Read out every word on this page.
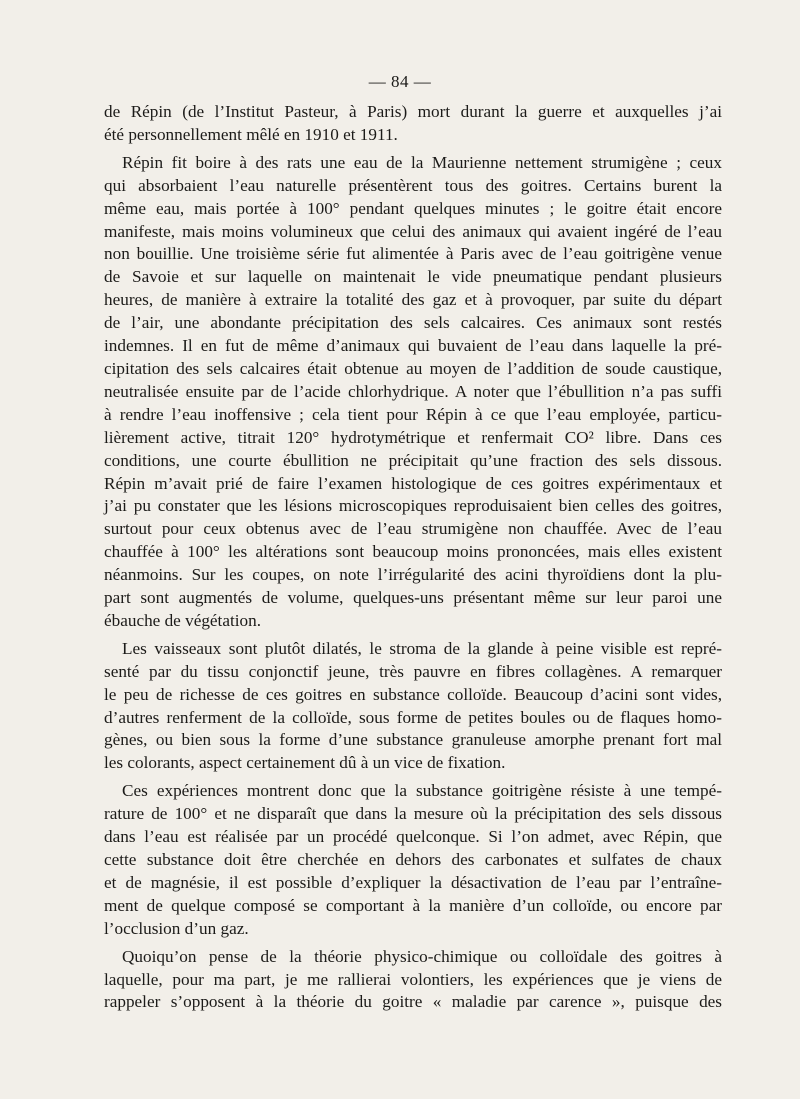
— 84 —
de Répin (de l’Institut Pasteur, à Paris) mort durant la guerre et auxquelles j’ai
été personnellement mêlé en 1910 et 1911.
Répin fit boire à des rats une eau de la Maurienne nettement strumigène ; ceux
qui absorbaient l’eau naturelle présentèrent tous des goitres. Certains burent la
même eau, mais portée à 100° pendant quelques minutes ; le goitre était encore
manifeste, mais moins volumineux que celui des animaux qui avaient ingéré de l’eau
non bouillie. Une troisième série fut alimentée à Paris avec de l’eau goitrigène venue
de Savoie et sur laquelle on maintenait le vide pneumatique pendant plusieurs
heures, de manière à extraire la totalité des gaz et à provoquer, par suite du départ
de l’air, une abondante précipitation des sels calcaires. Ces animaux sont restés
indemnes. Il en fut de même d’animaux qui buvaient de l’eau dans laquelle la pré-
cipitation des sels calcaires était obtenue au moyen de l’addition de soude caustique,
neutralisée ensuite par de l’acide chlorhydrique. A noter que l’ébullition n’a pas suffi
à rendre l’eau inoffensive ; cela tient pour Répin à ce que l’eau employée, particu-
lièrement active, titrait 120° hydrotymétrique et renfermait CO² libre. Dans ces
conditions, une courte ébullition ne précipitait qu’une fraction des sels dissous.
Répin m’avait prié de faire l’examen histologique de ces goitres expérimentaux et
j’ai pu constater que les lésions microscopiques reproduisaient bien celles des goitres,
surtout pour ceux obtenus avec de l’eau strumigène non chauffée. Avec de l’eau
chauffée à 100° les altérations sont beaucoup moins prononcées, mais elles existent
néanmoins. Sur les coupes, on note l’irrégularité des acini thyroïdiens dont la plu-
part sont augmentés de volume, quelques-uns présentant même sur leur paroi une
ébauche de végétation.
Les vaisseaux sont plutôt dilatés, le stroma de la glande à peine visible est repré-
senté par du tissu conjonctif jeune, très pauvre en fibres collagènes. A remarquer
le peu de richesse de ces goitres en substance colloïde. Beaucoup d’acini sont vides,
d’autres renferment de la colloïde, sous forme de petites boules ou de flaques homo-
gènes, ou bien sous la forme d’une substance granuleuse amorphe prenant fort mal
les colorants, aspect certainement dû à un vice de fixation.
Ces expériences montrent donc que la substance goitrigène résiste à une tempé-
rature de 100° et ne disparaît que dans la mesure où la précipitation des sels dissous
dans l’eau est réalisée par un procédé quelconque. Si l’on admet, avec Répin, que
cette substance doit être cherchée en dehors des carbonates et sulfates de chaux
et de magnésie, il est possible d’expliquer la désactivation de l’eau par l’entraîne-
ment de quelque composé se comportant à la manière d’un colloïde, ou encore par
l’occlusion d’un gaz.
Quoiqu’on pense de la théorie physico-chimique ou colloïdale des goitres à
laquelle, pour ma part, je me rallierai volontiers, les expériences que je viens de
rappeler s’opposent à la théorie du goitre « maladie par carence », puisque des
